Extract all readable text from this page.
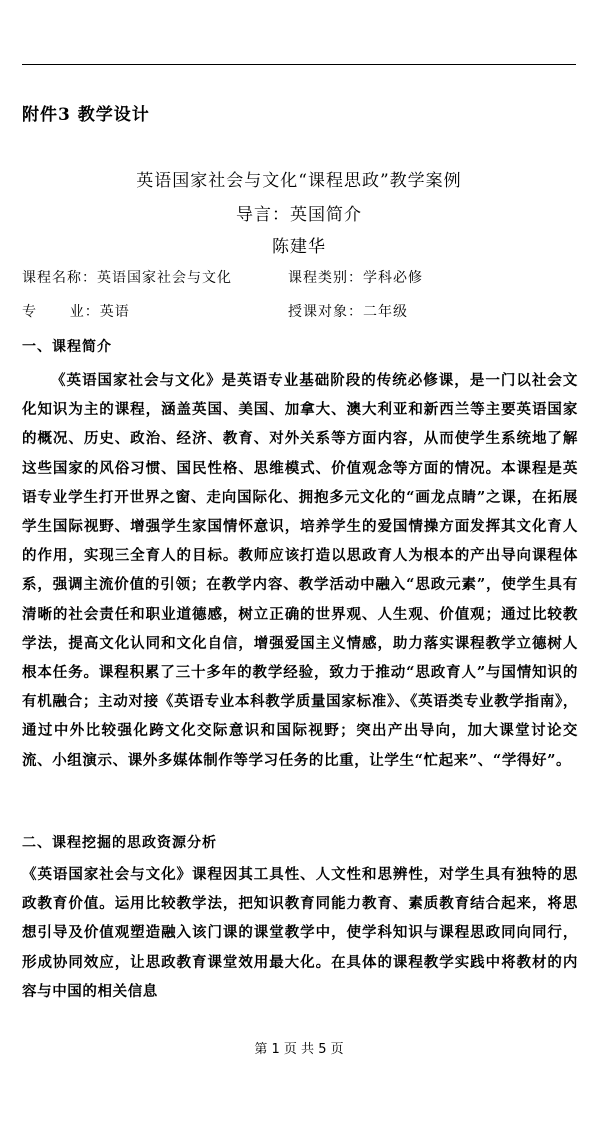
附件3 教学设计
英语国家社会与文化“课程思政”教学案例
导言：英国简介
陈建华
课程名称：英语国家社会与文化	课程类别：学科必修
专      业：英语	授课对象：二年级
一、课程简介

《英语国家社会与文化》是英语专业基础阶段的传统必修课，是一门以社会文化知识为主的课程，涵盖英国、美国、加拿大、澳大利亚和新西兰等主要英语国家的概况、历史、政治、经济、教育、对外关系等方面内容，从而使学生系统地了解这些国家的风俗习惯、国民性格、思维模式、价值观念等方面的情况。本课程是英语专业学生打开世界之窗、走向国际化、拥抱多元文化的“画龙点睛”之课，在拓展学生国际视野、增强学生家国情怀意识，培养学生的爱国情操方面发挥其文化育人的作用，实现三全育人的目标。教师应该打造以思政育人为根本的产出导向课程体系，强调主流价值的引领；在教学内容、教学活动中融入“思政元素”，使学生具有清晰的社会责任和职业道德感，树立正确的世界观、人生观、价值观；通过比较教学法，提高文化认同和文化自信，增强爱国主义情感，助力落实课程教学立德树人根本任务。课程积累了三十多年的教学经验，致力于推动“思政育人”与国情知识的有机融合；主动对接《英语专业本科教学质量国家标准》、《英语类专业教学指南》，通过中外比较强化跨文化交际意识和国际视野；突出产出导向，加大课堂讨论交流、小组演示、课外多媒体制作等学习任务的比重，让学生“忙起来”、“学得好”。

二、课程挖掘的思政资源分析

《英语国家社会与文化》课程因其工具性、人文性和思辨性，对学生具有独特的思政教育价值。运用比较教学法，把知识教育同能力教育、素质教育结合起来，将思想引导及价值观塑造融入该门课的课堂教学中，使学科知识与课程思政同向同行，形成协同效应，让思政教育课堂效用最大化。在具体的课程教学实践中将教材的内容与中国的相关信息

第 1 页 共 5 页
